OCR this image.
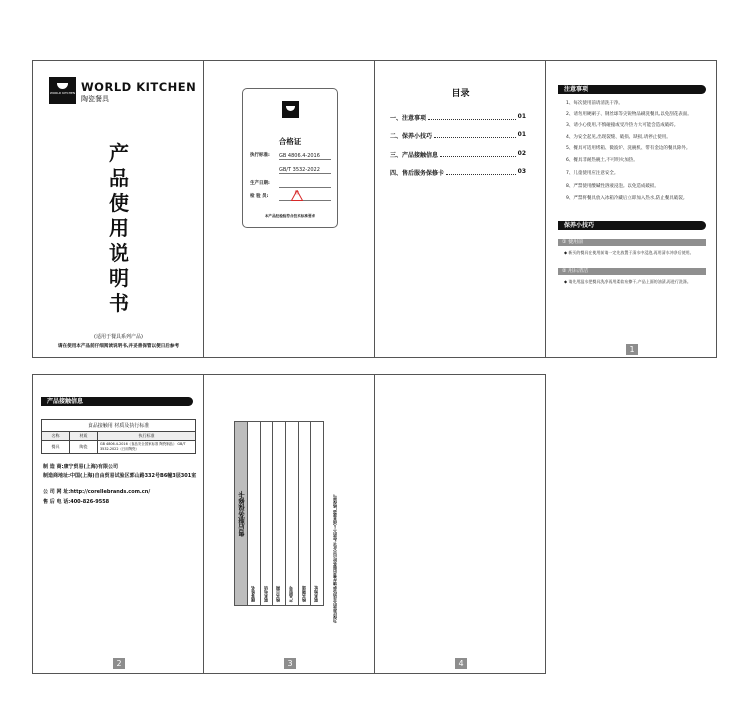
WORLD KITCHEN WORLD KITCHEN
陶瓷餐具
产
品
使
用
说
明
书
(适用于餐具系列产品)
请在使用本产品前仔细阅读说明书,并妥善保管以便日后参考
合格证
执行标准: GB 4806.4-2016
GB/T 3532-2022
生产日期:
检 验 员:
检
本产品经检验符合技术标准要求
目录
一、注意事项	01
二、保养小技巧	01
三、产品接触信息	02
四、售后服务保修卡	03
注意事项
1、每次使用前请清洗干净。
2、请勿用硬刷子、钢丝球等尖锐物品刷洗餐具,以免刮花表面。
3、请小心使用,不慎碰撞或受冷热力大可能会造成破碎。
4、为安全起见,出现裂缝、破损、缺损,请停止使用。
5、餐具可适用烤箱、微波炉、洗碗机、带有金边的餐具除外。
6、餐具非耐热碗土,不可明火加热。
7、儿童使用应注意安全。
8、严禁使用酸碱性溶液浸泡。以免造成破损。
9、严禁将餐具放入冰箱冷藏后立即加入热水,防止餐具破裂。
保养小技巧
① 使用前
◆ 新买的餐具在使用前请一定先放置于清水中浸泡,再用清水冲净后使用。
② 用后清洁
◆ 请先用温水把餐具洗净再用柔软布擦干,产品上面的油渍,再进行洗涤。
1
产品接触信息
食品接触用 材质及执行标准
名称	材质	执行标准
餐具	陶瓷	GB 4806.4-2016《食品安全国家标准 陶瓷制品》 GB/T 3532-2022《日用陶瓷》
制 造 商:康宁贸易(上海)有限公司
制造商地址:中国(上海)自由贸易试验区郭山路332号B6幢3层301室
公 司 网 址:http://corellebrands.com.cn/
售 后 电 话:400-826-9558
2
售后服务保修卡
顾客姓名 联系电话 购买日期 产品型号 购买渠道 联系地址	为保证您的合法权益,请在售后服务时出示此卡,您的个人信息将严格保密。
3	4
